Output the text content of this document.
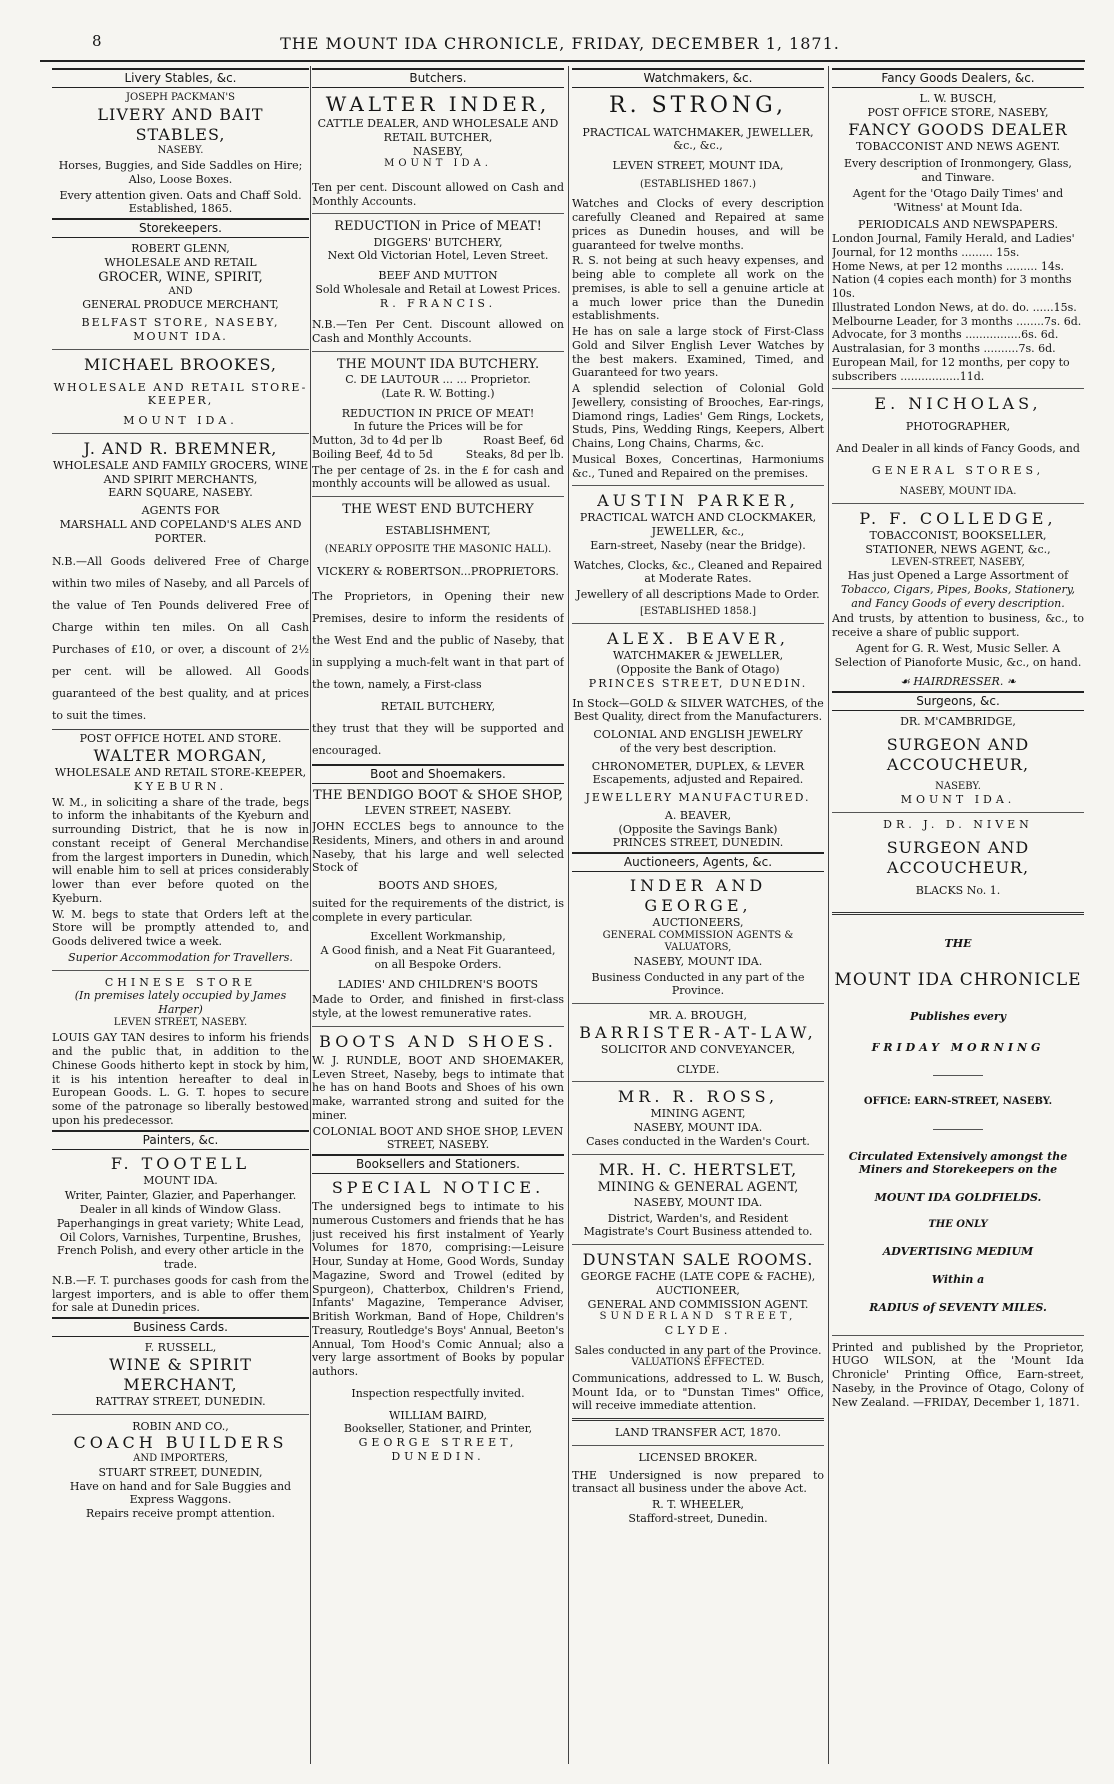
8	THE MOUNT IDA CHRONICLE, FRIDAY, DECEMBER 1, 1871.
Livery Stables, &c.
JOSEPH PACKMAN'S
LIVERY AND BAIT STABLES,
NASEBY.

Horses, Buggies, and Side Saddles on Hire; Also, Loose Boxes.

Every attention given. Oats and Chaff Sold. Established, 1865.

Storekeepers.
ROBERT GLENN,
WHOLESALE AND RETAIL
GROCER, WINE, SPIRIT,
AND
GENERAL PRODUCE MERCHANT,
BELFAST STORE, NASEBY, MOUNT IDA.
MICHAEL BROOKES,
WHOLESALE AND RETAIL STORE-KEEPER,
MOUNT IDA.
J. AND R. BREMNER,
WHOLESALE AND FAMILY GROCERS, WINE AND SPIRIT MERCHANTS,
EARN SQUARE, NASEBY.
AGENTS FOR
MARSHALL AND COPELAND'S ALES AND PORTER.

N.B.—All Goods delivered Free of Charge within two miles of Naseby, and all Parcels of the value of Ten Pounds delivered Free of Charge within ten miles. On all Cash Purchases of £10, or over, a discount of 2½ per cent. will be allowed. All Goods guaranteed of the best quality, and at prices to suit the times.

POST OFFICE HOTEL AND STORE.
WALTER MORGAN,
WHOLESALE AND RETAIL STORE-KEEPER,
KYEBURN.

W. M., in soliciting a share of the trade, begs to inform the inhabitants of the Kyeburn and surrounding District, that he is now in constant receipt of General Merchandise from the largest importers in Dunedin, which will enable him to sell at prices considerably lower than ever before quoted on the Kyeburn.

W. M. begs to state that Orders left at the Store will be promptly attended to, and Goods delivered twice a week.

Superior Accommodation for Travellers.
CHINESE STORE
(In premises lately occupied by James Harper)
LEVEN STREET, NASEBY.

LOUIS GAY TAN desires to inform his friends and the public that, in addition to the Chinese Goods hitherto kept in stock by him, it is his intention hereafter to deal in European Goods. L. G. T. hopes to secure some of the patronage so liberally bestowed upon his predecessor.

Painters, &c.
F. TOOTELL
MOUNT IDA.

Writer, Painter, Glazier, and Paperhanger. Dealer in all kinds of Window Glass. Paperhangings in great variety; White Lead, Oil Colors, Varnishes, Turpentine, Brushes, French Polish, and every other article in the trade.

N.B.—F. T. purchases goods for cash from the largest importers, and is able to offer them for sale at Dunedin prices.

Business Cards.
F. RUSSELL,
WINE & SPIRIT MERCHANT,
RATTRAY STREET, DUNEDIN.
ROBIN AND CO.,
COACH BUILDERS
AND IMPORTERS,
STUART STREET, DUNEDIN,
Have on hand and for Sale Buggies and Express Waggons.
Repairs receive prompt attention.
Butchers.
WALTER INDER,
CATTLE DEALER, AND WHOLESALE AND RETAIL BUTCHER,
NASEBY,
MOUNT IDA.

Ten per cent. Discount allowed on Cash and Monthly Accounts.

REDUCTION in Price of MEAT!
DIGGERS' BUTCHERY,
Next Old Victorian Hotel, Leven Street.
BEEF AND MUTTON
Sold Wholesale and Retail at Lowest Prices.
R. FRANCIS.

N.B.—Ten Per Cent. Discount allowed on Cash and Monthly Accounts.

THE MOUNT IDA BUTCHERY.
C. DE LAUTOUR ... ... Proprietor.
(Late R. W. Botting.)
REDUCTION IN PRICE OF MEAT!
In future the Prices will be for
Mutton, 3d to 4d per lb	Roast Beef, 6d
Boiling Beef, 4d to 5d	Steaks, 8d per lb.

The per centage of 2s. in the £ for cash and monthly accounts will be allowed as usual.

THE WEST END BUTCHERY
ESTABLISHMENT,
(NEARLY OPPOSITE THE MASONIC HALL).
VICKERY & ROBERTSON...PROPRIETORS.

The Proprietors, in Opening their new Premises, desire to inform the residents of the West End and the public of Naseby, that in supplying a much-felt want in that part of the town, namely, a First-class

RETAIL BUTCHERY,

they trust that they will be supported and encouraged.

Boot and Shoemakers.
THE BENDIGO BOOT & SHOE SHOP,
LEVEN STREET, NASEBY.

JOHN ECCLES begs to announce to the Residents, Miners, and others in and around Naseby, that his large and well selected Stock of

BOOTS AND SHOES,

suited for the requirements of the district, is complete in every particular.

Excellent Workmanship,
A Good finish, and a Neat Fit Guaranteed, on all Bespoke Orders.
LADIES' AND CHILDREN'S BOOTS

Made to Order, and finished in first-class style, at the lowest remunerative rates.

BOOTS AND SHOES.

W. J. RUNDLE, BOOT AND SHOEMAKER, Leven Street, Naseby, begs to intimate that he has on hand Boots and Shoes of his own make, warranted strong and suited for the miner.

COLONIAL BOOT AND SHOE SHOP, LEVEN STREET, NASEBY.
Booksellers and Stationers.
SPECIAL NOTICE.

The undersigned begs to intimate to his numerous Customers and friends that he has just received his first instalment of Yearly Volumes for 1870, comprising:—Leisure Hour, Sunday at Home, Good Words, Sunday Magazine, Sword and Trowel (edited by Spurgeon), Chatterbox, Children's Friend, Infants' Magazine, Temperance Adviser, British Workman, Band of Hope, Children's Treasury, Routledge's Boys' Annual, Beeton's Annual, Tom Hood's Comic Annual; also a very large assortment of Books by popular authors.

Inspection respectfully invited.
WILLIAM BAIRD,
Bookseller, Stationer, and Printer,
GEORGE STREET, DUNEDIN.
Watchmakers, &c.
R. STRONG,
PRACTICAL WATCHMAKER, JEWELLER, &c., &c.,
LEVEN STREET, MOUNT IDA,
(ESTABLISHED 1867.)

Watches and Clocks of every description carefully Cleaned and Repaired at same prices as Dunedin houses, and will be guaranteed for twelve months.

R. S. not being at such heavy expenses, and being able to complete all work on the premises, is able to sell a genuine article at a much lower price than the Dunedin establishments.

He has on sale a large stock of First-Class Gold and Silver English Lever Watches by the best makers. Examined, Timed, and Guaranteed for two years.

A splendid selection of Colonial Gold Jewellery, consisting of Brooches, Ear-rings, Diamond rings, Ladies' Gem Rings, Lockets, Studs, Pins, Wedding Rings, Keepers, Albert Chains, Long Chains, Charms, &c.

Musical Boxes, Concertinas, Harmoniums &c., Tuned and Repaired on the premises.

AUSTIN PARKER,
PRACTICAL WATCH AND CLOCKMAKER, JEWELLER, &c.,
Earn-street, Naseby (near the Bridge).

Watches, Clocks, &c., Cleaned and Repaired at Moderate Rates.

Jewellery of all descriptions Made to Order.
[ESTABLISHED 1858.]
ALEX. BEAVER,
WATCHMAKER & JEWELLER,
(Opposite the Bank of Otago)
PRINCES STREET, DUNEDIN.

In Stock—GOLD & SILVER WATCHES, of the Best Quality, direct from the Manufacturers.

COLONIAL AND ENGLISH JEWELRY
of the very best description.
CHRONOMETER, DUPLEX, & LEVER
Escapements, adjusted and Repaired.
JEWELLERY MANUFACTURED.
A. BEAVER,
(Opposite the Savings Bank)
PRINCES STREET, DUNEDIN.
Auctioneers, Agents, &c.
INDER AND GEORGE,
AUCTIONEERS,
GENERAL COMMISSION AGENTS & VALUATORS,
NASEBY, MOUNT IDA.

Business Conducted in any part of the Province.

MR. A. BROUGH,
BARRISTER-AT-LAW,
SOLICITOR AND CONVEYANCER,
CLYDE.
MR. R. ROSS,
MINING AGENT,
NASEBY, MOUNT IDA.
Cases conducted in the Warden's Court.
MR. H. C. HERTSLET,
MINING & GENERAL AGENT,
NASEBY, MOUNT IDA.

District, Warden's, and Resident Magistrate's Court Business attended to.

DUNSTAN SALE ROOMS.
GEORGE FACHE (LATE COPE & FACHE),
AUCTIONEER,
GENERAL AND COMMISSION AGENT.
SUNDERLAND STREET,
CLYDE.
Sales conducted in any part of the Province.
VALUATIONS EFFECTED.

Communications, addressed to L. W. Busch, Mount Ida, or to "Dunstan Times" Office, will receive immediate attention.

LAND TRANSFER ACT, 1870.
LICENSED BROKER.

THE Undersigned is now prepared to transact all business under the above Act.

R. T. WHEELER,
Stafford-street, Dunedin.
Fancy Goods Dealers, &c.
L. W. BUSCH,
POST OFFICE STORE, NASEBY,
FANCY GOODS DEALER
TOBACCONIST AND NEWS AGENT.

Every description of Ironmongery, Glass, and Tinware.

Agent for the 'Otago Daily Times' and 'Witness' at Mount Ida.

PERIODICALS AND NEWSPAPERS.
London Journal, Family Herald, and Ladies' Journal, for 12 months ......... 15s.
Home News, at per 12 months ......... 14s.
Nation (4 copies each month) for 3 months 10s.
Illustrated London News, at do. do. ......15s.
Melbourne Leader, for 3 months ........7s. 6d.
Advocate, for 3 months ................6s. 6d.
Australasian, for 3 months ..........7s. 6d.
European Mail, for 12 months, per copy to subscribers .................11d.
E. NICHOLAS,
PHOTOGRAPHER,
And Dealer in all kinds of Fancy Goods, and
GENERAL STORES,
NASEBY, MOUNT IDA.
P. F. COLLEDGE,
TOBACCONIST, BOOKSELLER, STATIONER, NEWS AGENT, &c.,
LEVEN-STREET, NASEBY,
Has just Opened a Large Assortment of
Tobacco, Cigars, Pipes, Books, Stationery, and Fancy Goods of every description.

And trusts, by attention to business, &c., to receive a share of public support.

Agent for G. R. West, Music Seller. A Selection of Pianoforte Music, &c., on hand.

☙ HAIRDRESSER. ❧
Surgeons, &c.
DR. M'CAMBRIDGE,
SURGEON AND ACCOUCHEUR,
NASEBY.
MOUNT IDA.
DR. J. D. NIVEN
SURGEON AND ACCOUCHEUR,
BLACKS No. 1.
THE
MOUNT IDA CHRONICLE
Publishes every
FRIDAY MORNING
OFFICE: EARN-STREET, NASEBY.
Circulated Extensively amongst the Miners and Storekeepers on the
MOUNT IDA GOLDFIELDS.
THE ONLY
ADVERTISING MEDIUM
Within a
RADIUS of SEVENTY MILES.

Printed and published by the Proprietor, HUGO WILSON, at the 'Mount Ida Chronicle' Printing Office, Earn-street, Naseby, in the Province of Otago, Colony of New Zealand. —FRIDAY, December 1, 1871.
